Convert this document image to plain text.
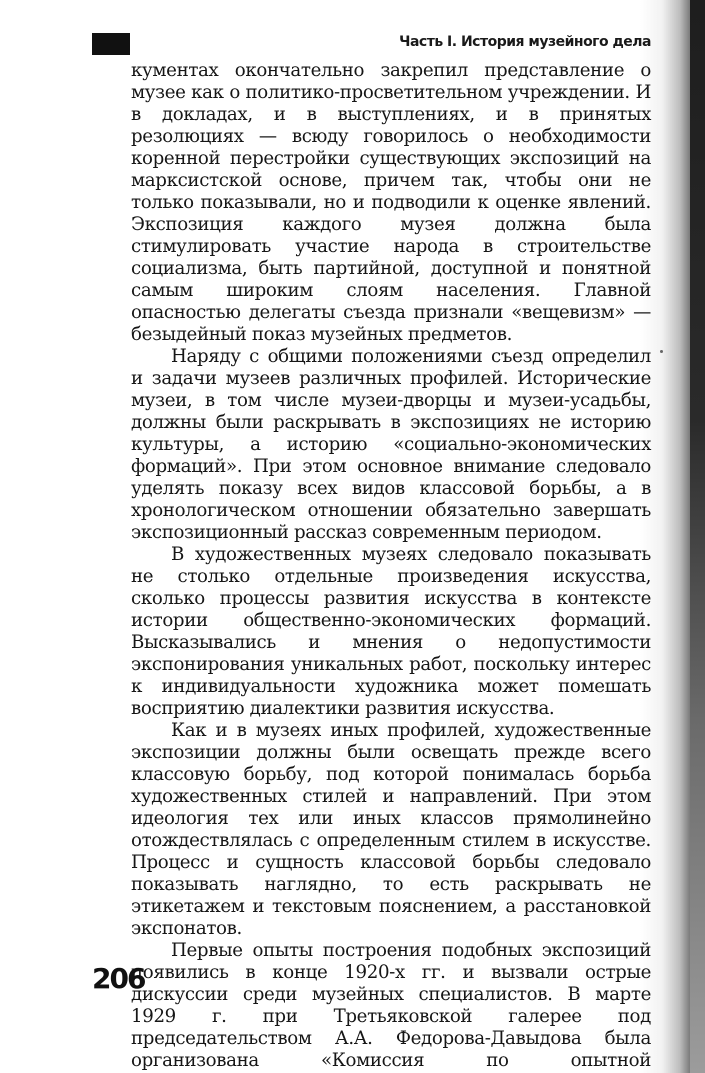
Часть I. История музейного дела

кументах окончательно закрепил представление о музее как о политико-просветительном учреждении. И в докладах, и в выступлениях, и в принятых резолюциях — всюду говорилось о необходимости коренной перестройки существующих экспозиций на марксистской основе, причем так, чтобы они не только показывали, но и подводили к оценке явлений. Экспозиция каждого музея должна была стимулировать участие народа в строительстве социализма, быть партийной, доступной и понятной самым широким слоям населения. Главной опасностью делегаты съезда признали «вещевизм» — безыдейный показ музейных предметов.

Наряду с общими положениями съезд определил и задачи музеев различных профилей. Исторические музеи, в том числе музеи-дворцы и музеи-усадьбы, должны были раскрывать в экспозициях не историю культуры, а историю «социально-экономических формаций». При этом основное внимание следовало уделять показу всех видов классовой борьбы, а в хронологическом отношении обязательно завершать экспозиционный рассказ современным периодом.

В художественных музеях следовало показывать не столько отдельные произведения искусства, сколько процессы развития искусства в контексте истории общественно-экономических формаций. Высказывались и мнения о недопустимости экспонирования уникальных работ, поскольку интерес к индивидуальности художника может помешать восприятию диалектики развития искусства.

Как и в музеях иных профилей, художественные экспозиции должны были освещать прежде всего классовую борьбу, под которой понималась борьба художественных стилей и направлений. При этом идеология тех или иных классов прямолинейно отождествлялась с определенным стилем в искусстве. Процесс и сущность классовой борьбы следовало показывать наглядно, то есть раскрывать не этикетажем и текстовым пояснением, а расстановкой экспонатов.

Первые опыты построения подобных экспозиций появились в конце 1920-х гг. и вызвали острые дискуссии среди музейных специалистов. В марте 1929 г. при Третьяковской галерее под председательством А.А. Федорова-Давыдова была организована «Комиссия по опытной

206
